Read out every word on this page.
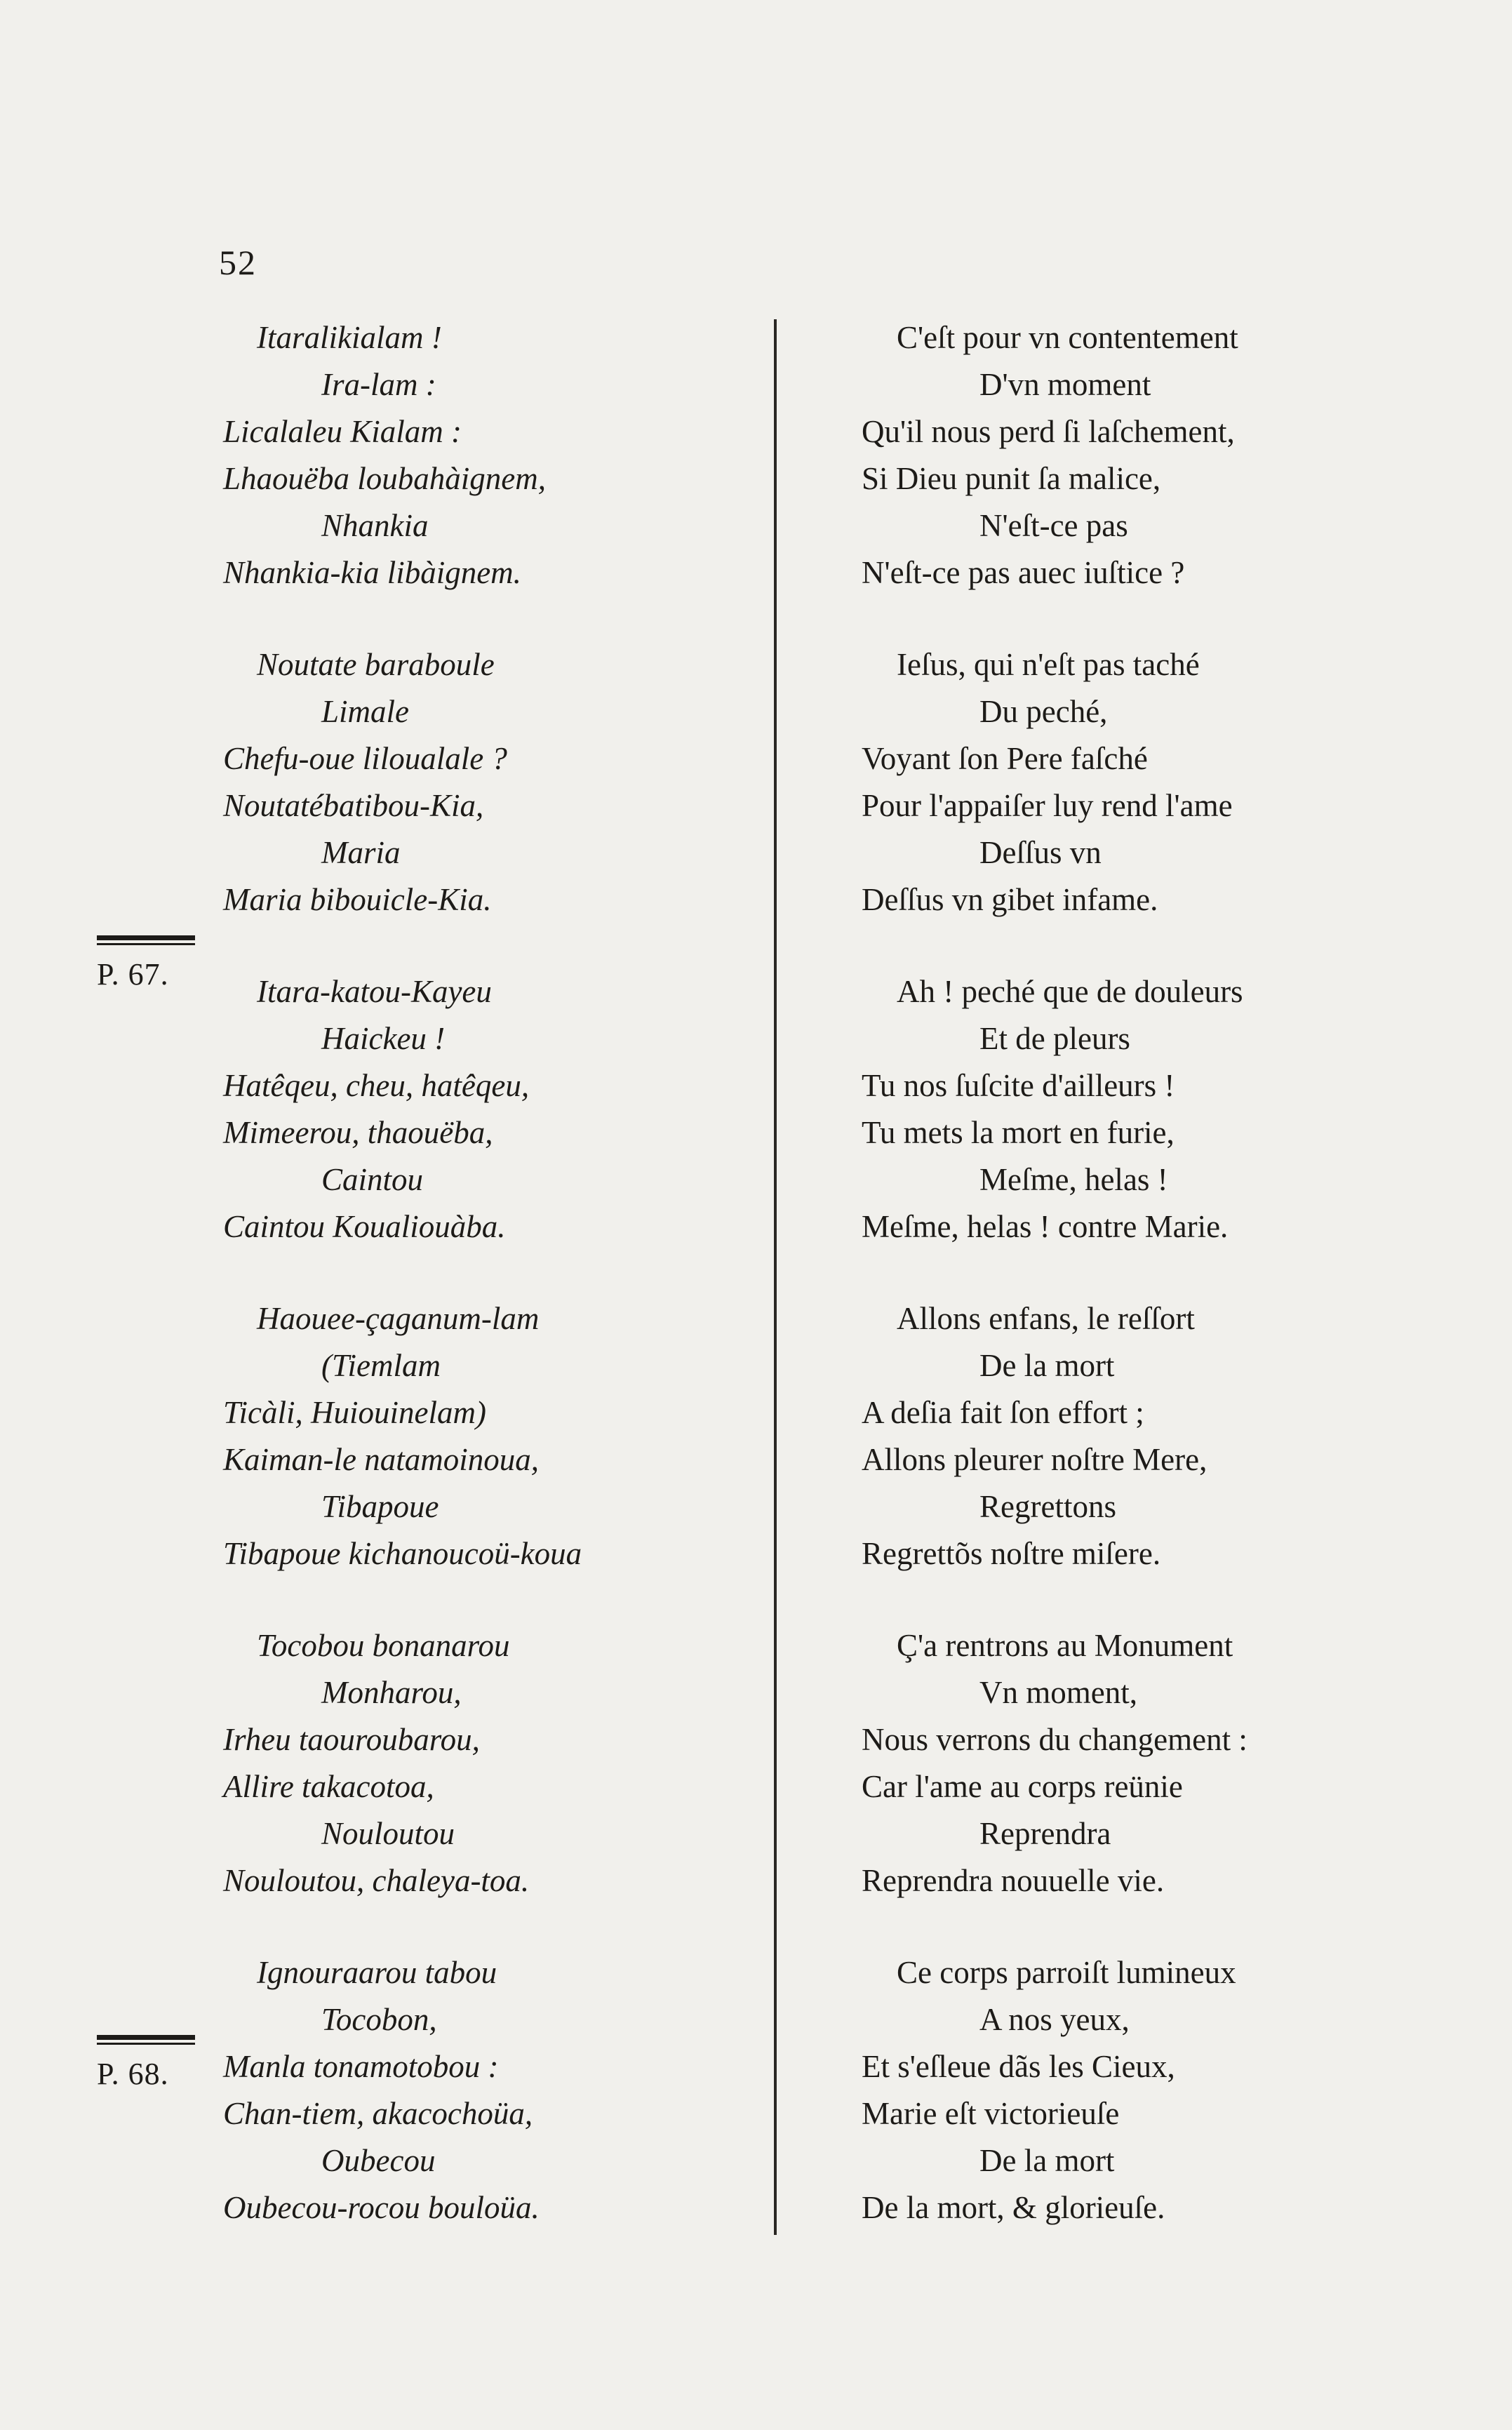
52
P. 67.
P. 68.
Itaralikialam !
Ira-lam :
Licalaleu Kialam :
Lhaouëba loubahàignem,
Nhankia
Nhankia-kia libàignem.
Noutate baraboule
Limale
Chefu-oue liloualale ?
Noutatébatibou-Kia,
Maria
Maria bibouicle-Kia.
Itara-katou-Kayeu
Haickeu !
Hatêqeu, cheu, hatêqeu,
Mimeerou, thaouëba,
Caintou
Caintou Koualiouàba.
Haouee-çaganum-lam
(Tiemlam
Ticàli, Huiouinelam)
Kaiman-le natamoinoua,
Tibapoue
Tibapoue kichanoucoü-koua
Tocobou bonanarou
Monharou,
Irheu taouroubarou,
Allire takacotoa,
Nouloutou
Nouloutou, chaleya-toa.
Ignouraarou tabou
Tocobon,
Manla tonamotobou :
Chan-tiem, akacochoüa,
Oubecou
Oubecou-rocou bouloüa.
C'eſt pour vn contentement
D'vn moment
Qu'il nous perd ſi laſchement,
Si Dieu punit ſa malice,
N'eſt-ce pas
N'eſt-ce pas auec iuſtice ?
Ieſus, qui n'eſt pas taché
Du peché,
Voyant ſon Pere faſché
Pour l'appaiſer luy rend l'ame
Deſſus vn
Deſſus vn gibet infame.
Ah ! peché que de douleurs
Et de pleurs
Tu nos ſuſcite d'ailleurs !
Tu mets la mort en furie,
Meſme, helas !
Meſme, helas ! contre Marie.
Allons enfans, le reſſort
De la mort
A deſia fait ſon effort ;
Allons pleurer noſtre Mere,
Regrettons
Regrettõs noſtre miſere.
Ç'a rentrons au Monument
Vn moment,
Nous verrons du changement :
Car l'ame au corps reünie
Reprendra
Reprendra nouuelle vie.
Ce corps parroiſt lumineux
A nos yeux,
Et s'eſleue dãs les Cieux,
Marie eſt victorieuſe
De la mort
De la mort, & glorieuſe.
